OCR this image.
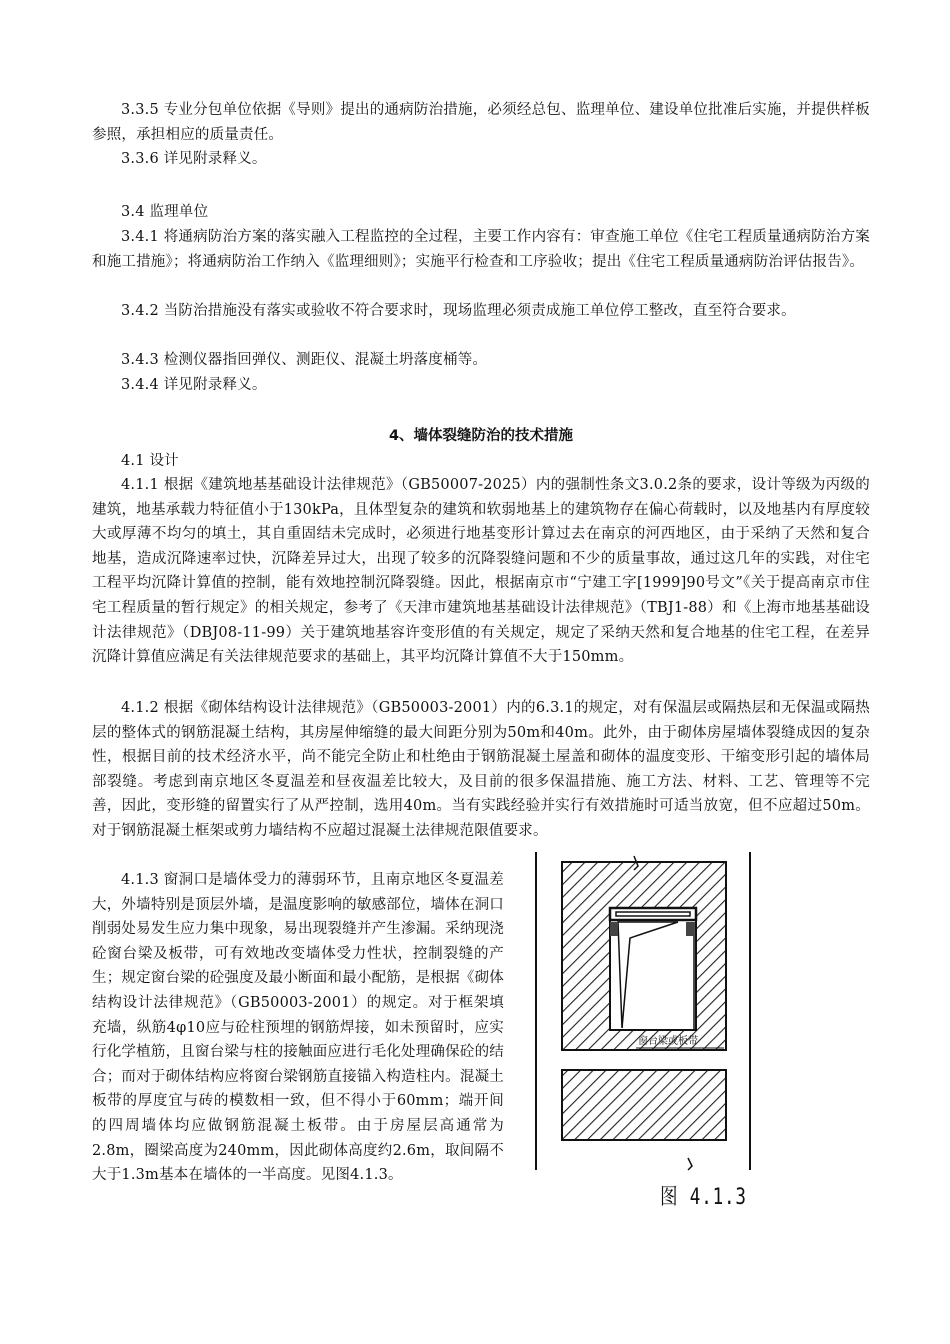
3.3.5 专业分包单位依据《导则》提出的通病防治措施，必须经总包、监理单位、建设单位批准后实施，并提供样板参照，承担相应的质量责任。

3.3.6 详见附录释义。

3.4 监理单位

3.4.1 将通病防治方案的落实融入工程监控的全过程，主要工作内容有：审查施工单位《住宅工程质量通病防治方案和施工措施》；将通病防治工作纳入《监理细则》；实施平行检查和工序验收；提出《住宅工程质量通病防治评估报告》。

3.4.2 当防治措施没有落实或验收不符合要求时，现场监理必须责成施工单位停工整改，直至符合要求。

3.4.3 检测仪器指回弹仪、测距仪、混凝土坍落度桶等。

3.4.4 详见附录释义。

4、墙体裂缝防治的技术措施

4.1 设计

4.1.1 根据《建筑地基基础设计法律规范》（GB50007-2025）内的强制性条文3.0.2条的要求，设计等级为丙级的建筑，地基承载力特征值小于130kPa，且体型复杂的建筑和软弱地基上的建筑物存在偏心荷载时，以及地基内有厚度较大或厚薄不均匀的填土，其自重固结未完成时，必须进行地基变形计算过去在南京的河西地区，由于采纳了天然和复合地基，造成沉降速率过快，沉降差异过大，出现了较多的沉降裂缝问题和不少的质量事故，通过这几年的实践，对住宅工程平均沉降计算值的控制，能有效地控制沉降裂缝。因此，根据南京市“宁建工字[1999]90号文”《关于提高南京市住宅工程质量的暂行规定》的相关规定，参考了《天津市建筑地基基础设计法律规范》（TBJ1-88）和《上海市地基基础设计法律规范》（DBJ08-11-99）关于建筑地基容许变形值的有关规定，规定了采纳天然和复合地基的住宅工程，在差异沉降计算值应满足有关法律规范要求的基础上，其平均沉降计算值不大于150mm。

4.1.2 根据《砌体结构设计法律规范》（GB50003-2001）内的6.3.1的规定，对有保温层或隔热层和无保温或隔热层的整体式的钢筋混凝土结构，其房屋伸缩缝的最大间距分别为50m和40m。此外，由于砌体房屋墙体裂缝成因的复杂性，根据目前的技术经济水平，尚不能完全防止和杜绝由于钢筋混凝土屋盖和砌体的温度变形、干缩变形引起的墙体局部裂缝。考虑到南京地区冬夏温差和昼夜温差比较大，及目前的很多保温措施、施工方法、材料、工艺、管理等不完善，因此，变形缝的留置实行了从严控制，选用40m。当有实践经验并实行有效措施时可适当放宽，但不应超过50m。对于钢筋混凝土框架或剪力墙结构不应超过混凝土法律规范限值要求。

4.1.3 窗洞口是墙体受力的薄弱环节，且南京地区冬夏温差大，外墙特别是顶层外墙，是温度影响的敏感部位，墙体在洞口削弱处易发生应力集中现象，易出现裂缝并产生渗漏。采纳现浇砼窗台梁及板带，可有效地改变墙体受力性状，控制裂缝的产生；规定窗台梁的砼强度及最小断面和最小配筋，是根据《砌体结构设计法律规范》（GB50003-2001）的规定。对于框架填充墙，纵筋4φ10应与砼柱预埋的钢筋焊接，如未预留时，应实行化学植筋，且窗台梁与柱的接触面应进行毛化处理确保砼的结合；而对于砌体结构应将窗台梁钢筋直接锚入构造柱内。混凝土板带的厚度宜与砖的模数相一致，但不得小于60mm；端开间的四周墙体均应做钢筋混凝土板带。由于房屋层高通常为2.8m，圈梁高度为240mm，因此砌体高度约2.6m，取间隔不大于1.3m基本在墙体的一半高度。见图4.1.3。

窗台梁或板带
图 4.1.3
